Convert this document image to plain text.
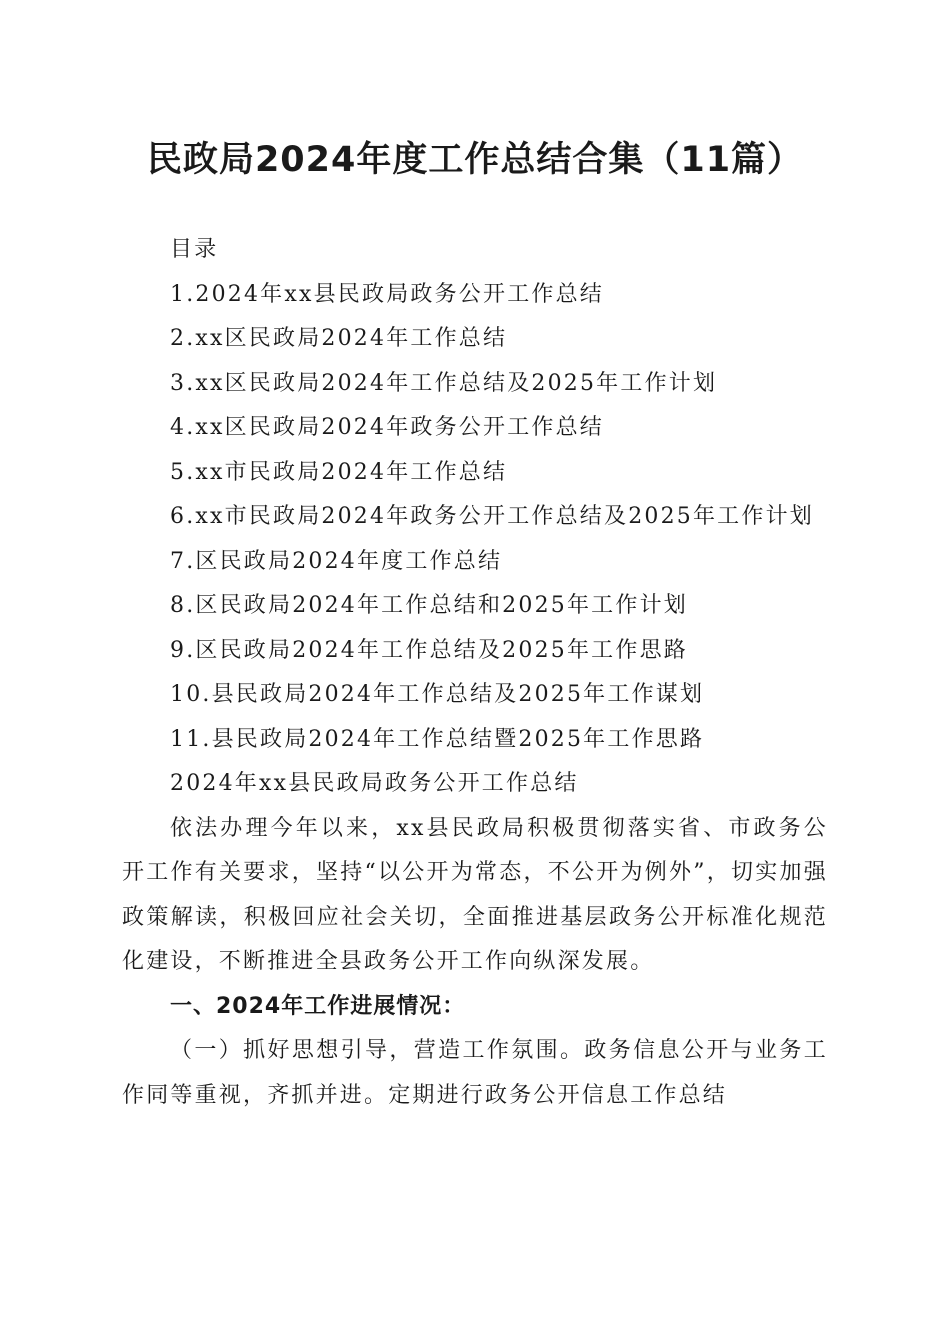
民政局2024年度工作总结合集（11篇）

目录

1.2024年xx县民政局政务公开工作总结

2.xx区民政局2024年工作总结

3.xx区民政局2024年工作总结及2025年工作计划

4.xx区民政局2024年政务公开工作总结

5.xx市民政局2024年工作总结

6.xx市民政局2024年政务公开工作总结及2025年工作计划

7.区民政局2024年度工作总结

8.区民政局2024年工作总结和2025年工作计划

9.区民政局2024年工作总结及2025年工作思路

10.县民政局2024年工作总结及2025年工作谋划

11.县民政局2024年工作总结暨2025年工作思路

2024年xx县民政局政务公开工作总结

依法办理今年以来，xx县民政局积极贯彻落实省、市政务公开工作有关要求，坚持“以公开为常态，不公开为例外”，切实加强政策解读，积极回应社会关切，全面推进基层政务公开标准化规范化建设，不断推进全县政务公开工作向纵深发展。

一、2024年工作进展情况：

（一）抓好思想引导，营造工作氛围。政务信息公开与业务工作同等重视，齐抓并进。定期进行政务公开信息工作总结
